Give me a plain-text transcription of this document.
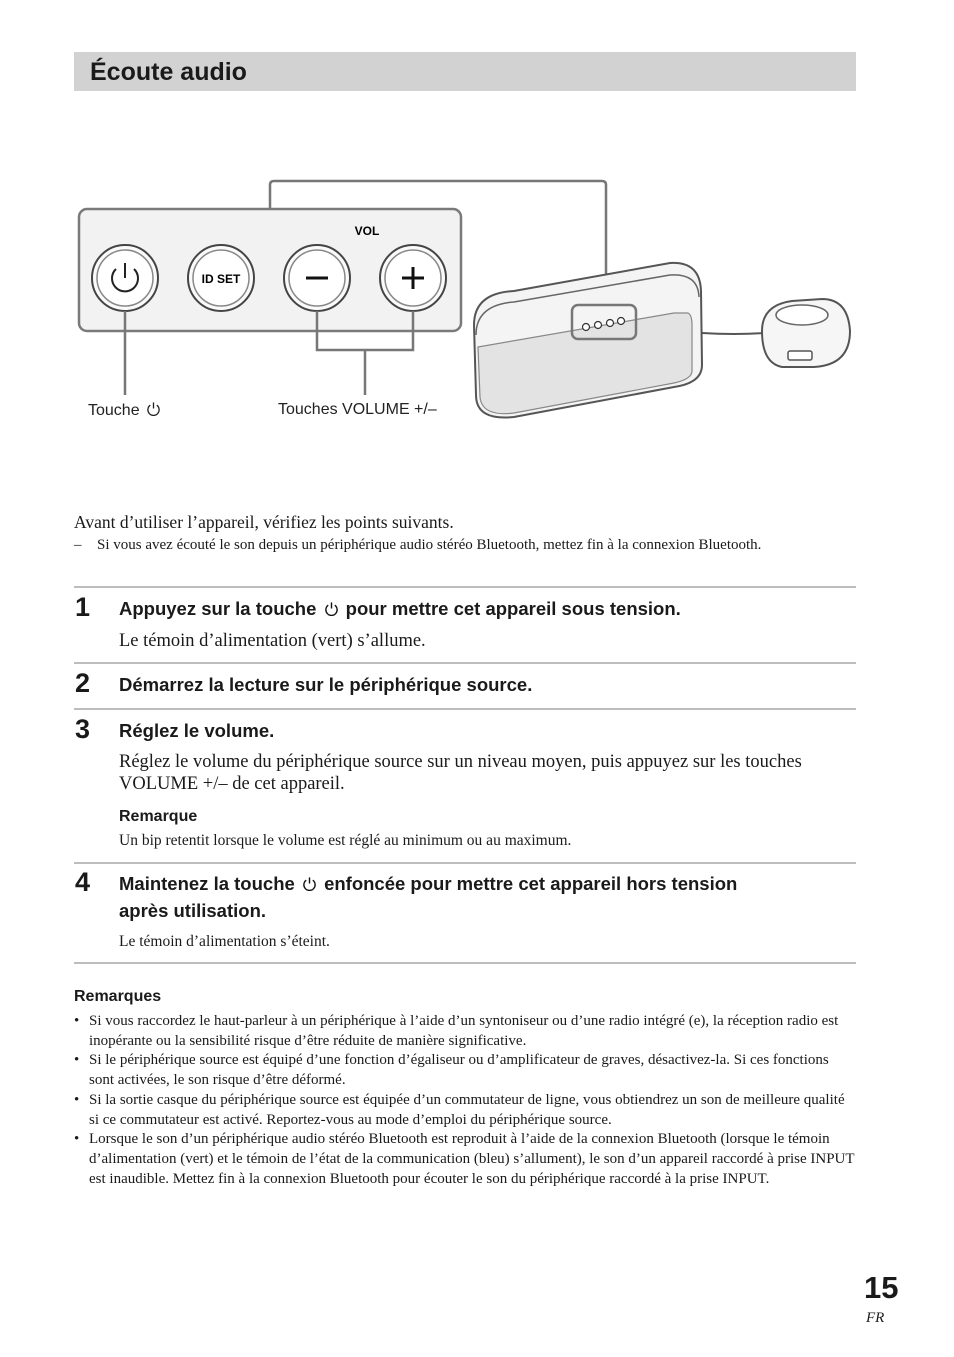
Écoute audio
ID SET
VOL
Touche	Touches VOLUME +/–
Avant d’utiliser l’appareil, vérifiez les points suivants.
– Si vous avez écouté le son depuis un périphérique audio stéréo Bluetooth, mettez fin à la connexion Bluetooth.
1 Appuyez sur la touche pour mettre cet appareil sous tension.
Le témoin d’alimentation (vert) s’allume.
2 Démarrez la lecture sur le périphérique source.
3 Réglez le volume.
Réglez le volume du périphérique source sur un niveau moyen, puis appuyez sur les touches VOLUME +/– de cet appareil.
Remarque
Un bip retentit lorsque le volume est réglé au minimum ou au maximum.
4 Maintenez la touche enfoncée pour mettre cet appareil hors tension
après utilisation.
Le témoin d’alimentation s’éteint.
Remarques
• Si vous raccordez le haut-parleur à un périphérique à l’aide d’un syntoniseur ou d’une radio intégré (e), la réception radio est inopérante ou la sensibilité risque d’être réduite de manière significative.
• Si le périphérique source est équipé d’une fonction d’égaliseur ou d’amplificateur de graves, désactivez-la. Si ces fonctions sont activées, le son risque d’être déformé.
• Si la sortie casque du périphérique source est équipée d’un commutateur de ligne, vous obtiendrez un son de meilleure qualité si ce commutateur est activé. Reportez-vous au mode d’emploi du périphérique source.
• Lorsque le son d’un périphérique audio stéréo Bluetooth est reproduit à l’aide de la connexion Bluetooth (lorsque le témoin d’alimentation (vert) et le témoin de l’état de la communication (bleu) s’allument), le son d’un appareil raccordé à prise INPUT est inaudible. Mettez fin à la connexion Bluetooth pour écouter le son du périphérique raccordé à la prise INPUT.
15
FR
